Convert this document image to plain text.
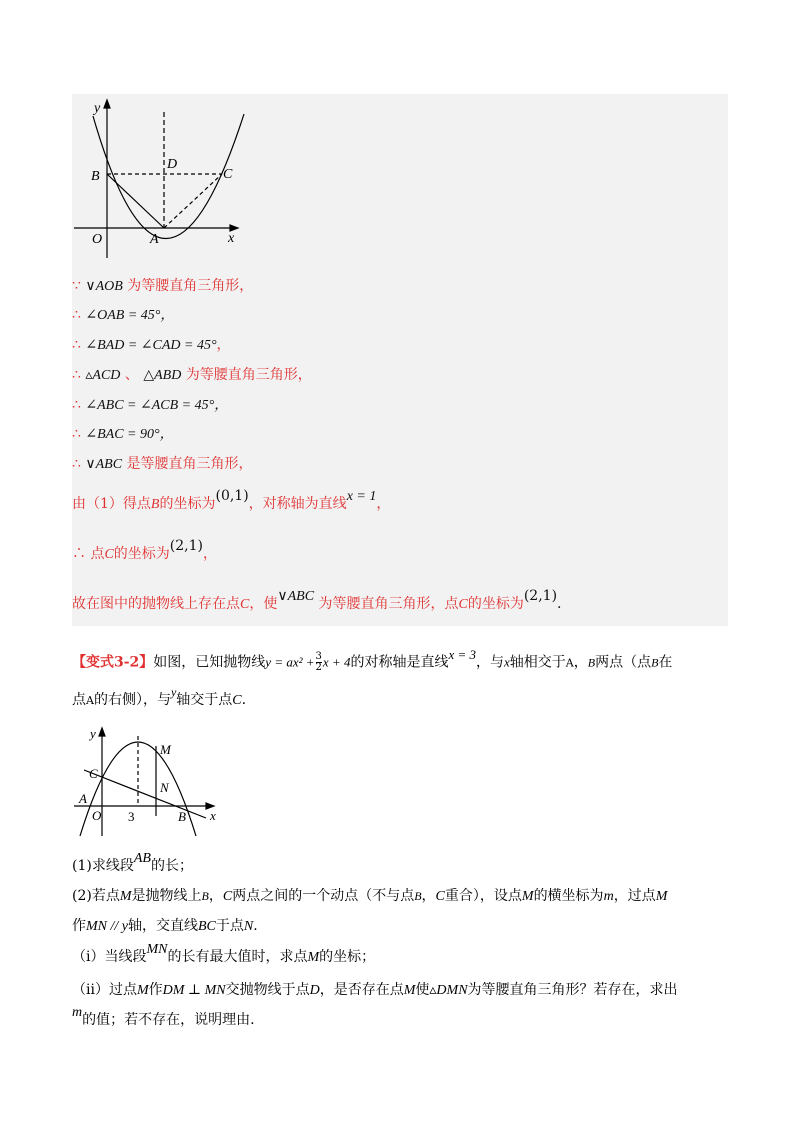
y
x
O	A
B	C
D
∵ ∨AOB 为等腰直角三角形，
∴ ∠OAB = 45°，
∴ ∠BAD = ∠CAD = 45°，
∴ ▵ACD 、 △ABD 为等腰直角三角形，
∴ ∠ABC = ∠ACB = 45°，
∴ ∠BAC = 90°，
∴ ∨ABC 是等腰直角三角形，
由（1）得点B的坐标为(0,1)，对称轴为直线x = 1，
∴ 点C的坐标为(2,1)，
故在图中的抛物线上存在点C，使∨ABC 为等腰直角三角形，点C的坐标为(2,1).
【变式3-2】如图，已知抛物线$y = ax^2 + \frac{3}{2}$ x + 4的对称轴是直线x = 3，与x轴相交于A，B两点（点B在
点A的右侧），与y轴交于点C.
y
x
O
A
B
C
M
N
3
(1)求线段AB的长；
(2)若点M是抛物线上B，C两点之间的一个动点（不与点B，C重合），设点M的横坐标为m，过点M
作MN // y轴，交直线BC于点N.
（ⅰ）当线段MN的长有最大值时，求点M的坐标；
（ⅱ）过点M作DM ⊥ MN交抛物线于点D，是否存在点M使▵DMN为等腰直角三角形？若存在，求出
m的值；若不存在，说明理由.
